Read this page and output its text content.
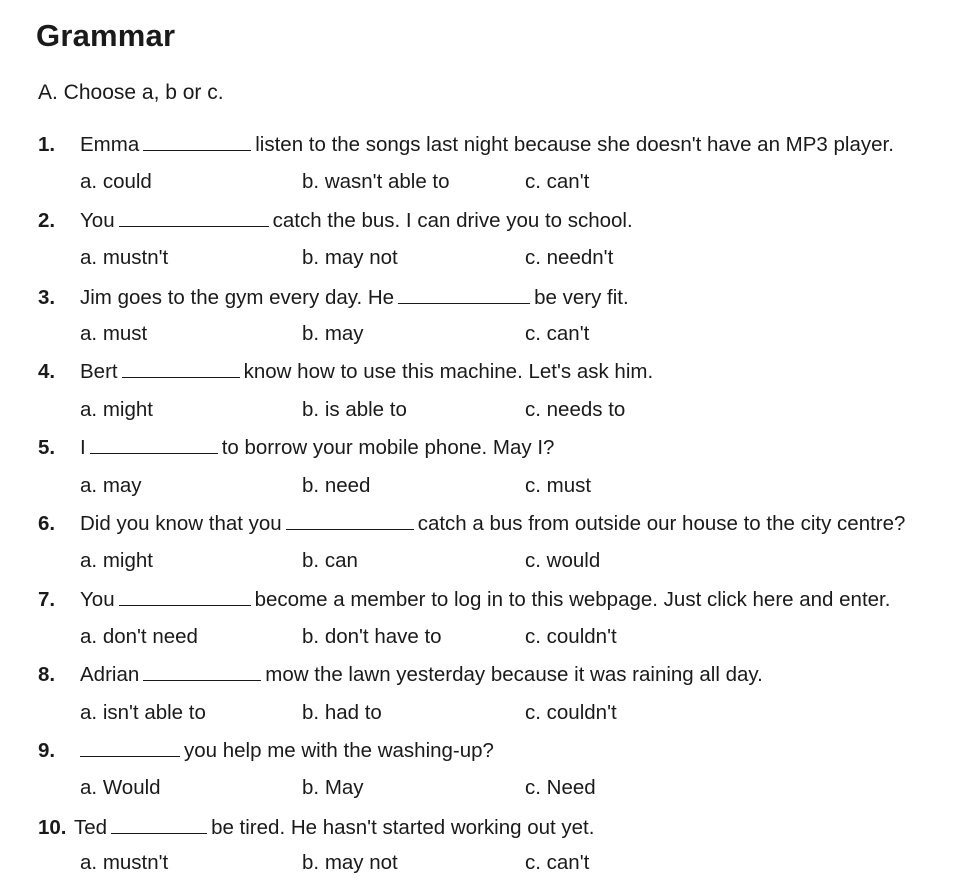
Grammar
A. Choose a, b or c.
1. Emma	listen to the songs last night because she doesn't have an MP3 player.
a. could	b. wasn't able to	c. can't
2. You	catch the bus. I can drive you to school.
a. mustn't	b. may not	c. needn't
3. Jim goes to the gym every day. He	be very fit.
a. must	b. may	c. can't
4. Bert	know how to use this machine. Let's ask him.
a. might	b. is able to	c. needs to
5. I	to borrow your mobile phone. May I?
a. may	b. need	c. must
6. Did you know that you	catch a bus from outside our house to the city centre?
a. might	b. can	c. would
7. You	become a member to log in to this webpage. Just click here and enter.
a. don't need	b. don't have to	c. couldn't
8. Adrian	mow the lawn yesterday because it was raining all day.
a. isn't able to	b. had to	c. couldn't
9.	you help me with the washing-up?
a. Would	b. May	c. Need
10. Ted	be tired. He hasn't started working out yet.
a. mustn't	b. may not	c. can't
